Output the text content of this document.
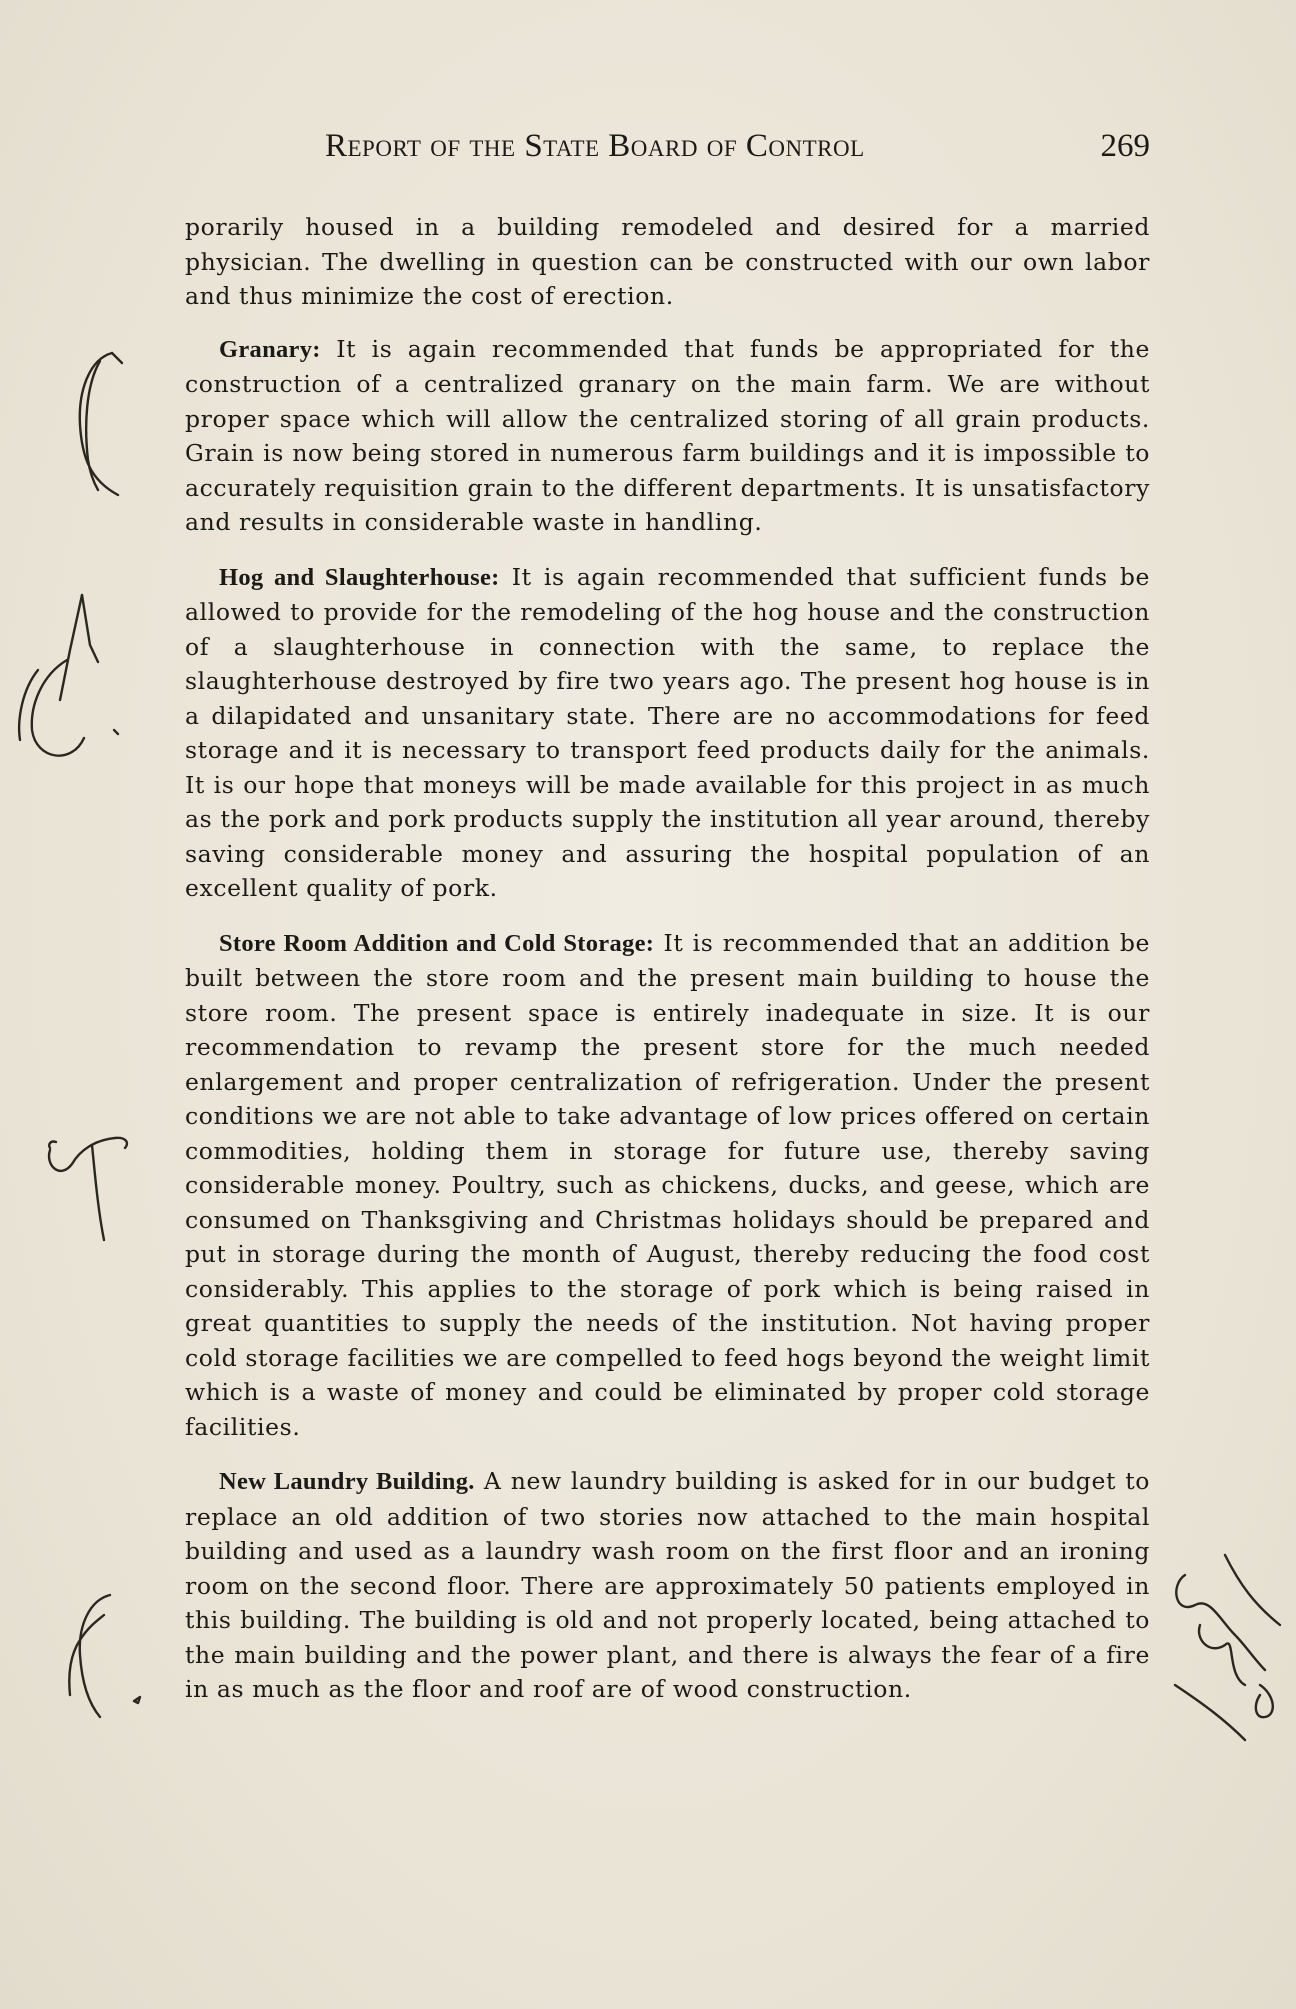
Report of the State Board of Control	269

porarily housed in a building remodeled and desired for a married physician. The dwelling in question can be constructed with our own labor and thus minimize the cost of erection.

Granary: It is again recommended that funds be appropriated for the construction of a centralized granary on the main farm. We are without proper space which will allow the centralized storing of all grain products. Grain is now being stored in numerous farm buildings and it is impossible to accurately requisition grain to the different departments. It is unsatisfactory and results in considerable waste in handling.

Hog and Slaughterhouse: It is again recommended that sufficient funds be allowed to provide for the remodeling of the hog house and the construction of a slaughterhouse in connection with the same, to replace the slaughterhouse destroyed by fire two years ago. The present hog house is in a dilapidated and unsanitary state. There are no accommodations for feed storage and it is necessary to transport feed products daily for the animals. It is our hope that moneys will be made available for this project in as much as the pork and pork products supply the institution all year around, thereby saving considerable money and assuring the hospital population of an excellent quality of pork.

Store Room Addition and Cold Storage: It is recommended that an addition be built between the store room and the present main building to house the store room. The present space is entirely inadequate in size. It is our recommendation to revamp the present store for the much needed enlargement and proper centralization of refrigeration. Under the present conditions we are not able to take advantage of low prices offered on certain commodities, holding them in storage for future use, thereby saving considerable money. Poultry, such as chickens, ducks, and geese, which are consumed on Thanksgiving and Christmas holidays should be prepared and put in storage during the month of August, thereby reducing the food cost considerably. This applies to the storage of pork which is being raised in great quantities to supply the needs of the institution. Not having proper cold storage facilities we are compelled to feed hogs beyond the weight limit which is a waste of money and could be eliminated by proper cold storage facilities.

New Laundry Building. A new laundry building is asked for in our budget to replace an old addition of two stories now attached to the main hospital building and used as a laundry wash room on the first floor and an ironing room on the second floor. There are approximately 50 patients employed in this building. The building is old and not properly located, being attached to the main building and the power plant, and there is always the fear of a fire in as much as the floor and roof are of wood construction.
